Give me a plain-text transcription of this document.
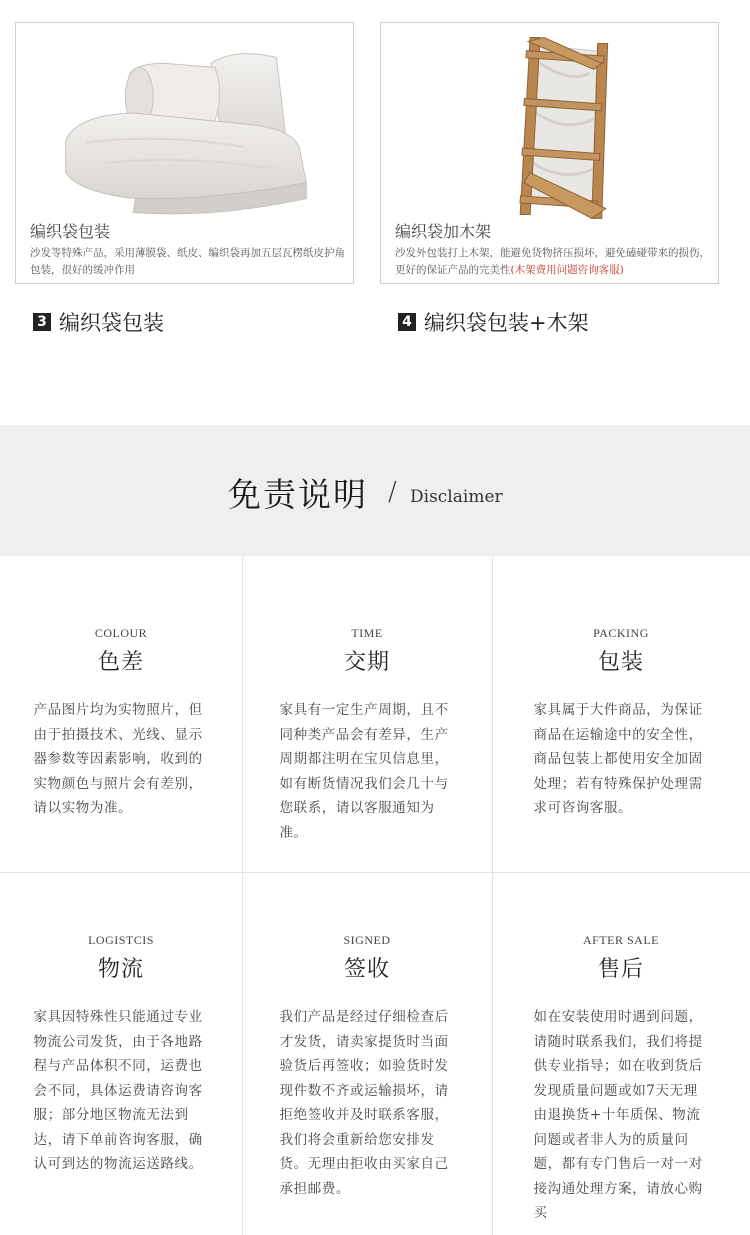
编织袋包装
沙发等特殊产品，采用薄膜袋、纸皮、编织袋再加五层瓦楞纸皮护角包装，很好的缓冲作用
编织袋加木架
沙发外包装打上木架，能避免货物挤压损坏，避免磕碰带来的损伤，更好的保证产品的完美性(木架费用问题咨询客服)
3 编织袋包装	4 编织袋包装+木架
免责说明 / Disclaimer
COLOUR
色差
产品图片均为实物照片，但由于拍摄技术、光线、显示器参数等因素影响，收到的实物颜色与照片会有差别，请以实物为准。
TIME
交期
家具有一定生产周期，且不同种类产品会有差异，生产周期都注明在宝贝信息里，如有断货情况我们会几十与您联系，请以客服通知为准。
PACKING
包装
家具属于大件商品，为保证商品在运输途中的安全性，商品包装上都使用安全加固处理；若有特殊保护处理需求可咨询客服。
LOGISTCIS
物流
家具因特殊性只能通过专业物流公司发货，由于各地路程与产品体积不同，运费也会不同，具体运费请咨询客服；部分地区物流无法到达，请下单前咨询客服，确认可到达的物流运送路线。
SIGNED
签收
我们产品是经过仔细检查后才发货，请卖家提货时当面验货后再签收；如验货时发现件数不齐或运输损坏，请拒绝签收并及时联系客服，我们将会重新给您安排发货。无理由拒收由买家自己承担邮费。
AFTER SALE
售后
如在安装使用时遇到问题，请随时联系我们，我们将提供专业指导；如在收到货后发现质量问题或如7天无理由退换货+十年质保、物流问题或者非人为的质量问题，都有专门售后一对一对接沟通处理方案，请放心购买
